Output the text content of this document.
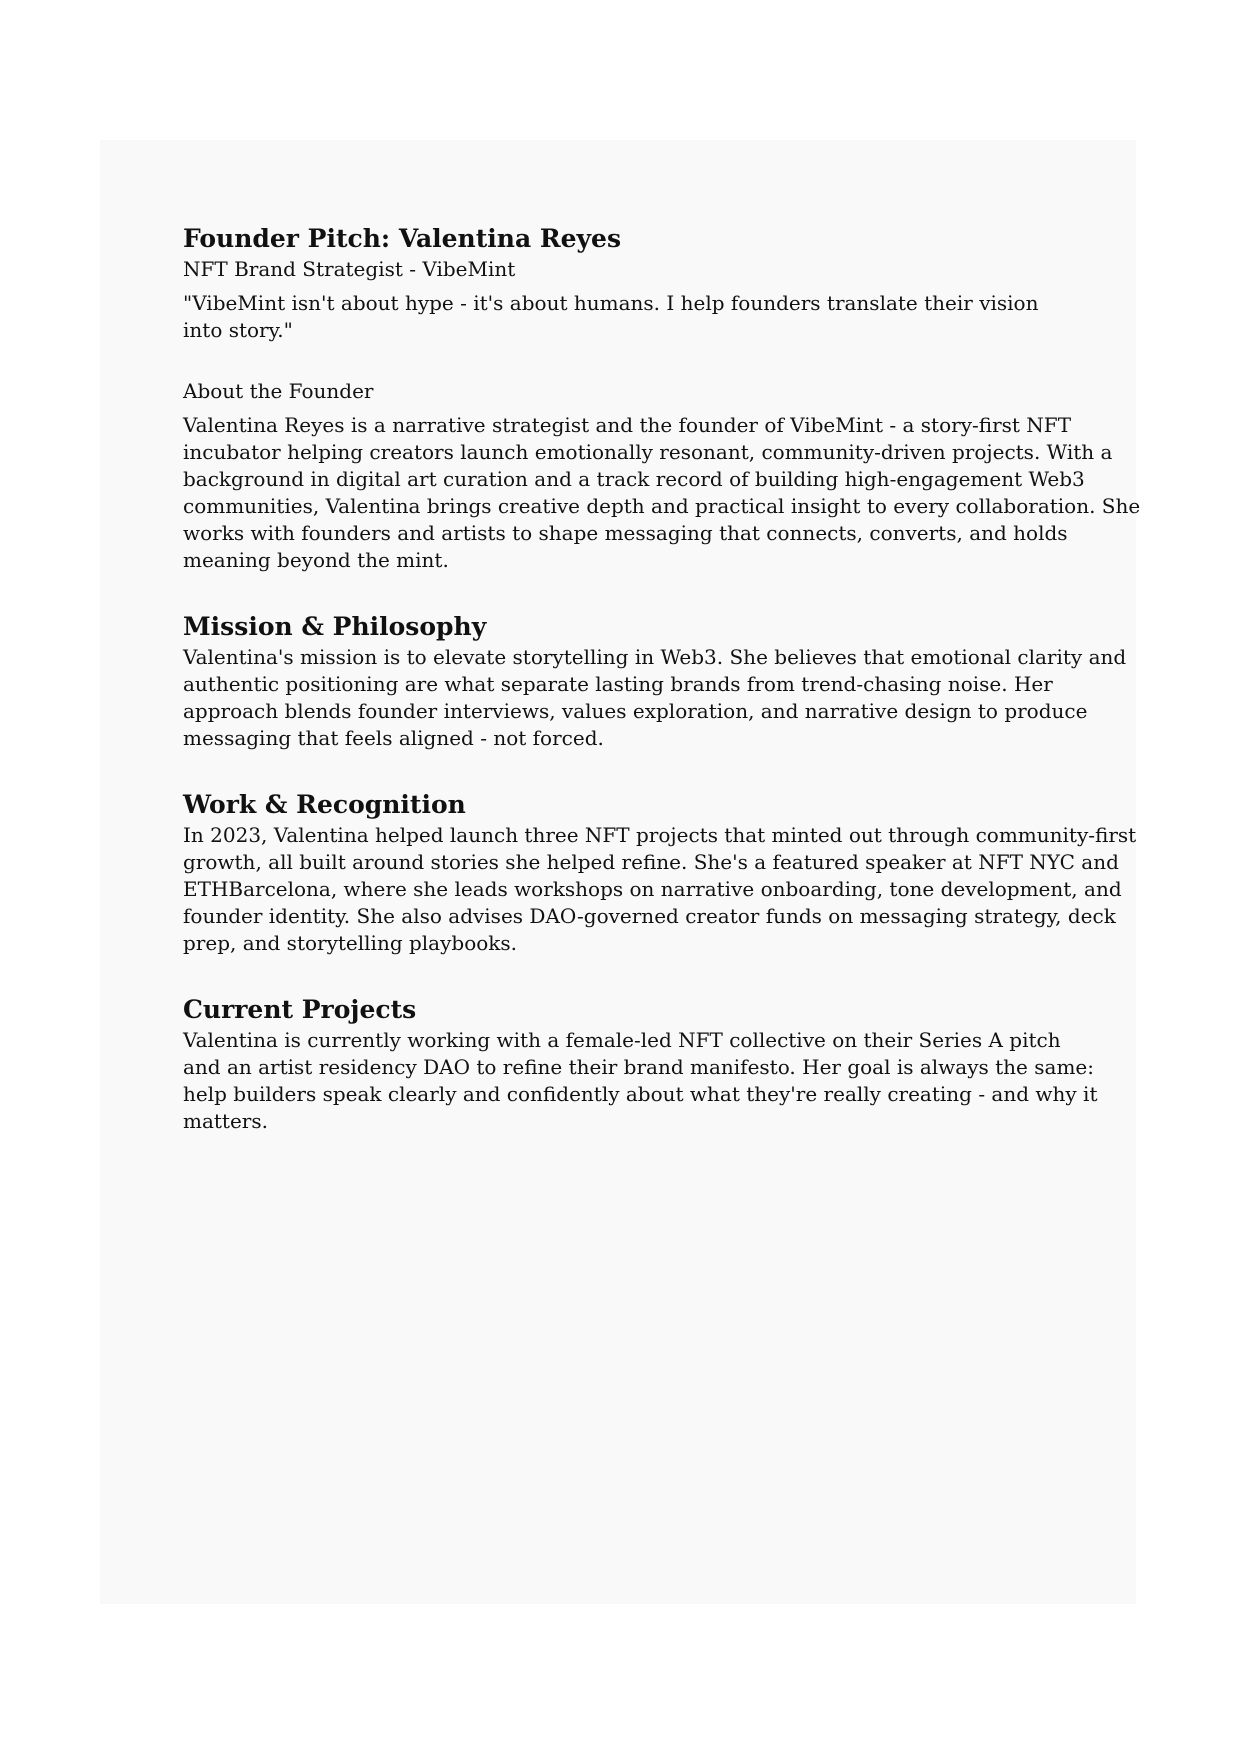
Founder Pitch: Valentina Reyes

NFT Brand Strategist - VibeMint

"VibeMint isn't about hype - it's about humans. I help founders translate their vision into story."

About the Founder

Valentina Reyes is a narrative strategist and the founder of VibeMint - a story-first NFT incubator helping creators launch emotionally resonant, community-driven projects. With a background in digital art curation and a track record of building high-engagement Web3 communities, Valentina brings creative depth and practical insight to every collaboration. She works with founders and artists to shape messaging that connects, converts, and holds meaning beyond the mint.

Mission & Philosophy

Valentina's mission is to elevate storytelling in Web3. She believes that emotional clarity and authentic positioning are what separate lasting brands from trend-chasing noise. Her approach blends founder interviews, values exploration, and narrative design to produce messaging that feels aligned - not forced.

Work & Recognition

In 2023, Valentina helped launch three NFT projects that minted out through community-first growth, all built around stories she helped refine. She's a featured speaker at NFT NYC and ETHBarcelona, where she leads workshops on narrative onboarding, tone development, and founder identity. She also advises DAO-governed creator funds on messaging strategy, deck prep, and storytelling playbooks.

Current Projects

Valentina is currently working with a female-led NFT collective on their Series A pitch and an artist residency DAO to refine their brand manifesto. Her goal is always the same: help builders speak clearly and confidently about what they're really creating - and why it matters.
